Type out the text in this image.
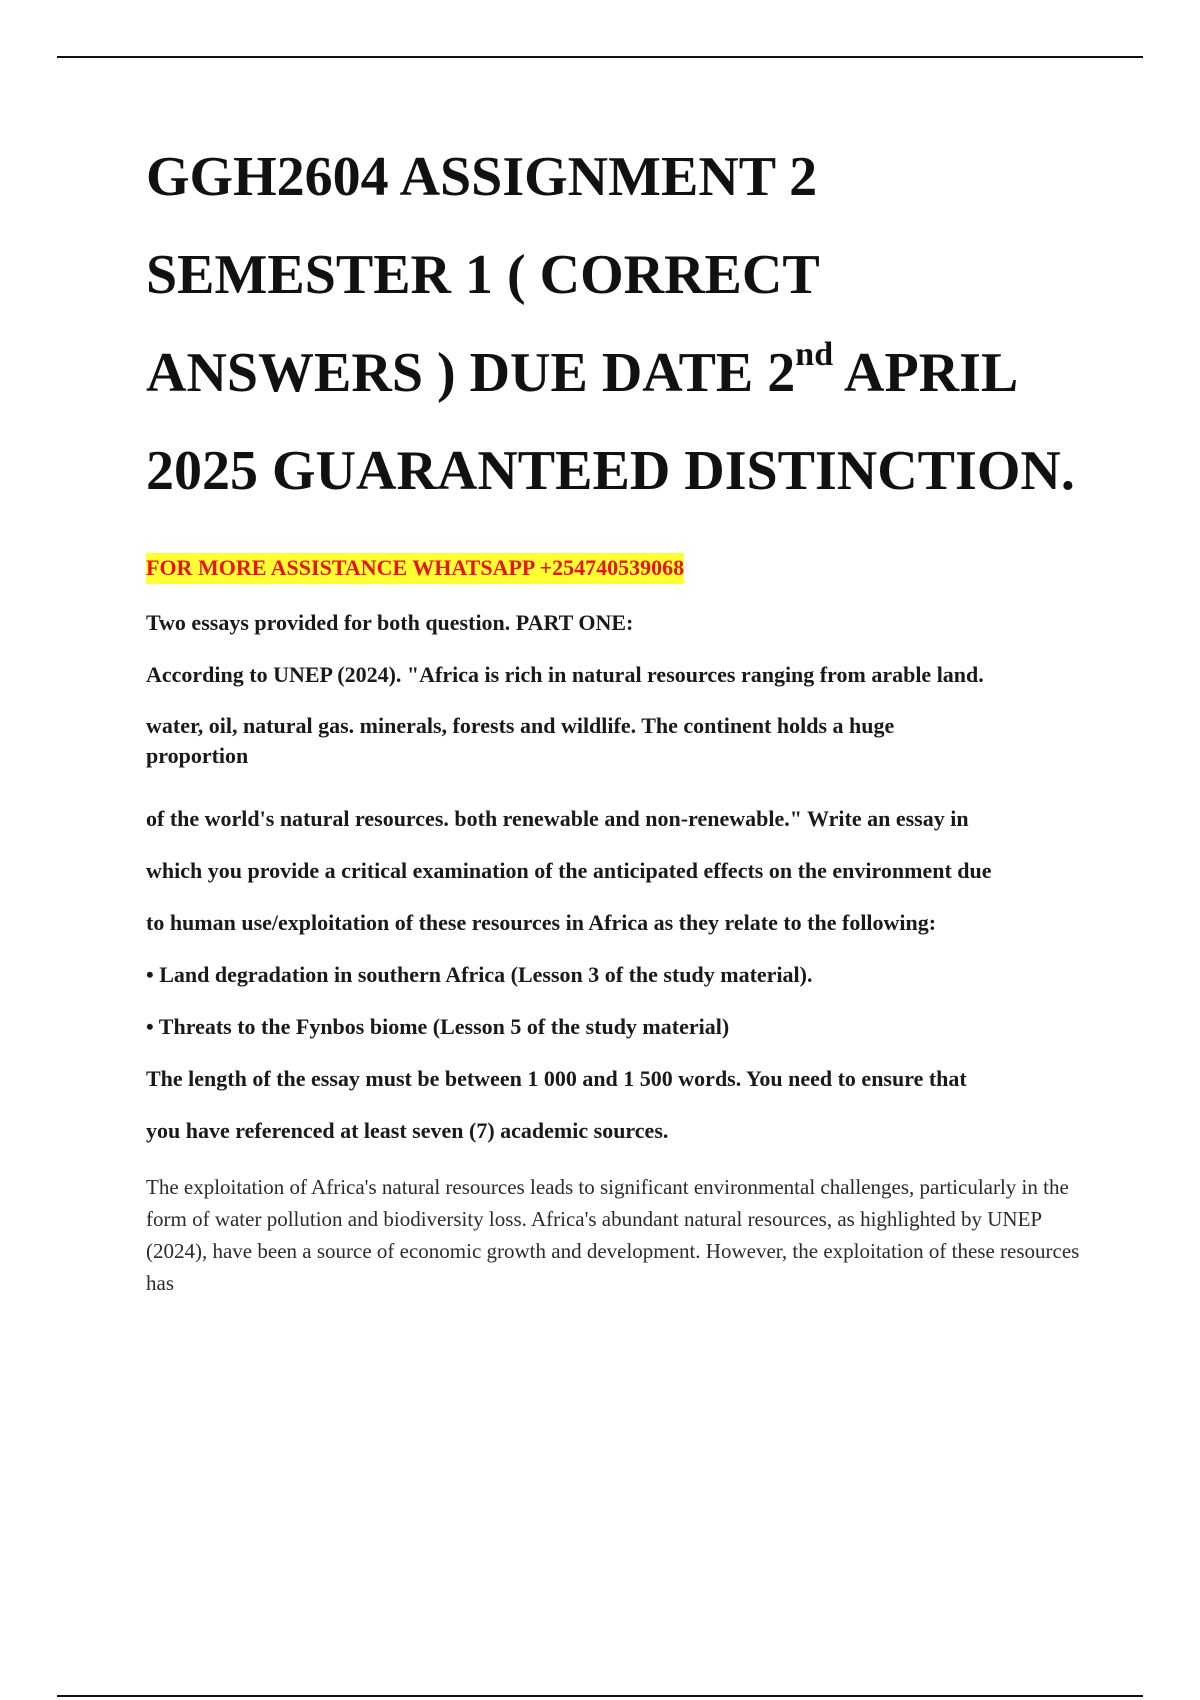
GGH2604 ASSIGNMENT 2
SEMESTER 1 ( CORRECT
ANSWERS ) DUE DATE 2nd APRIL
2025 GUARANTEED DISTINCTION.
FOR MORE ASSISTANCE WHATSAPP +254740539068

Two essays provided for both question. PART ONE:

According to UNEP (2024). "Africa is rich in natural resources ranging from arable land.

water, oil, natural gas. minerals, forests and wildlife. The continent holds a huge

proportion

of the world's natural resources. both renewable and non-renewable." Write an essay in

which you provide a critical examination of the anticipated effects on the environment due

to human use/exploitation of these resources in Africa as they relate to the following:

• Land degradation in southern Africa (Lesson 3 of the study material).

• Threats to the Fynbos biome (Lesson 5 of the study material)

The length of the essay must be between 1 000 and 1 500 words. You need to ensure that

you have referenced at least seven (7) academic sources.

The exploitation of Africa's natural resources leads to significant environmental challenges, particularly in the form of water pollution and biodiversity loss. Africa's abundant natural resources, as highlighted by UNEP (2024), have been a source of economic growth and development. However, the exploitation of these resources has
